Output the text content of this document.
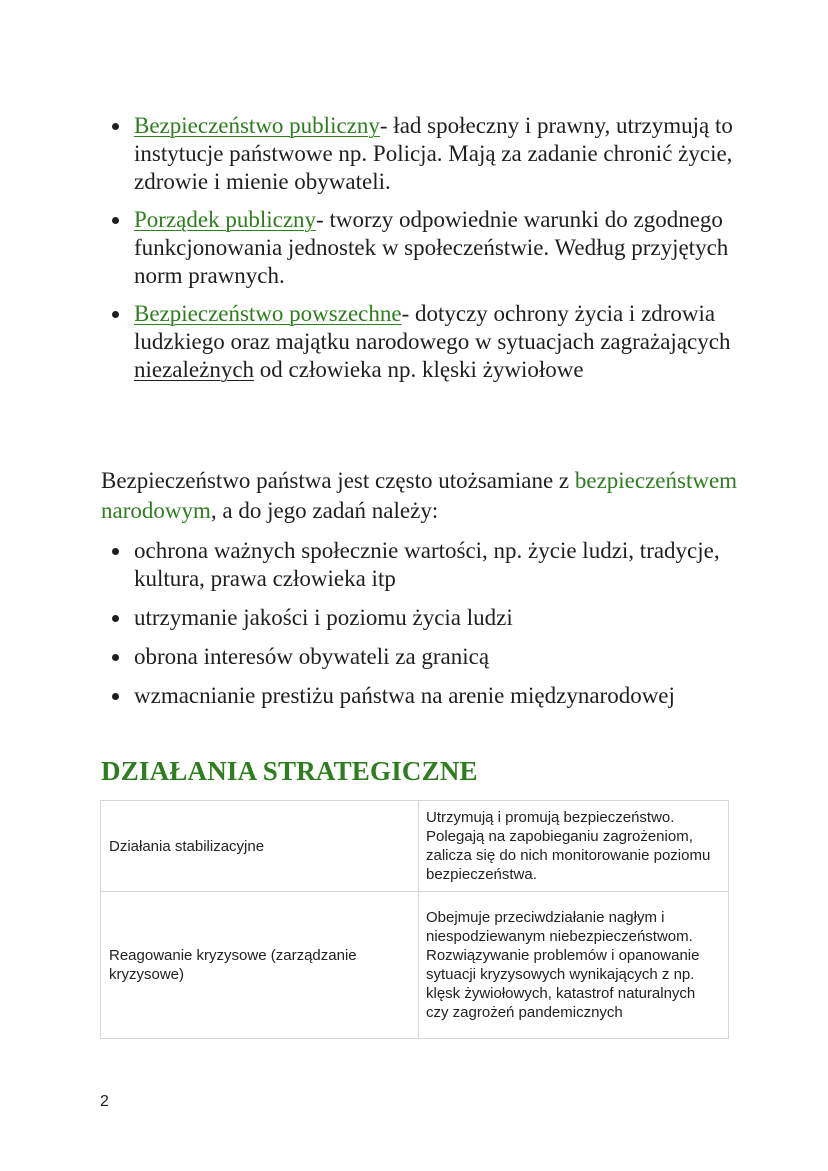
Bezpieczeństwo publiczny- ład społeczny i prawny, utrzymują to instytucje państwowe np. Policja. Mają za zadanie chronić życie, zdrowie i mienie obywateli.
Porządek publiczny- tworzy odpowiednie warunki do zgodnego funkcjonowania jednostek w społeczeństwie. Według przyjętych norm prawnych.
Bezpieczeństwo powszechne- dotyczy ochrony życia i zdrowia ludzkiego oraz majątku narodowego w sytuacjach zagrażających niezależnych od człowieka np. klęski żywiołowe

Bezpieczeństwo państwa jest często utożsamiane z bezpieczeństwem narodowym, a do jego zadań należy:

ochrona ważnych społecznie wartości, np. życie ludzi, tradycje, kultura, prawa człowieka itp
utrzymanie jakości i poziomu życia ludzi
obrona interesów obywateli za granicą
wzmacnianie prestiżu państwa na arenie międzynarodowej
DZIAŁANIA STRATEGICZNE
Działania stabilizacyjne	Utrzymują i promują bezpieczeństwo. Polegają na zapobieganiu zagrożeniom, zalicza się do nich monitorowanie poziomu bezpieczeństwa.
Reagowanie kryzysowe (zarządzanie kryzysowe)	Obejmuje przeciwdziałanie nagłym i niespodziewanym niebezpieczeństwom. Rozwiązywanie problemów i opanowanie sytuacji kryzysowych wynikających z np. klęsk żywiołowych, katastrof naturalnych czy zagrożeń pandemicznych
2
